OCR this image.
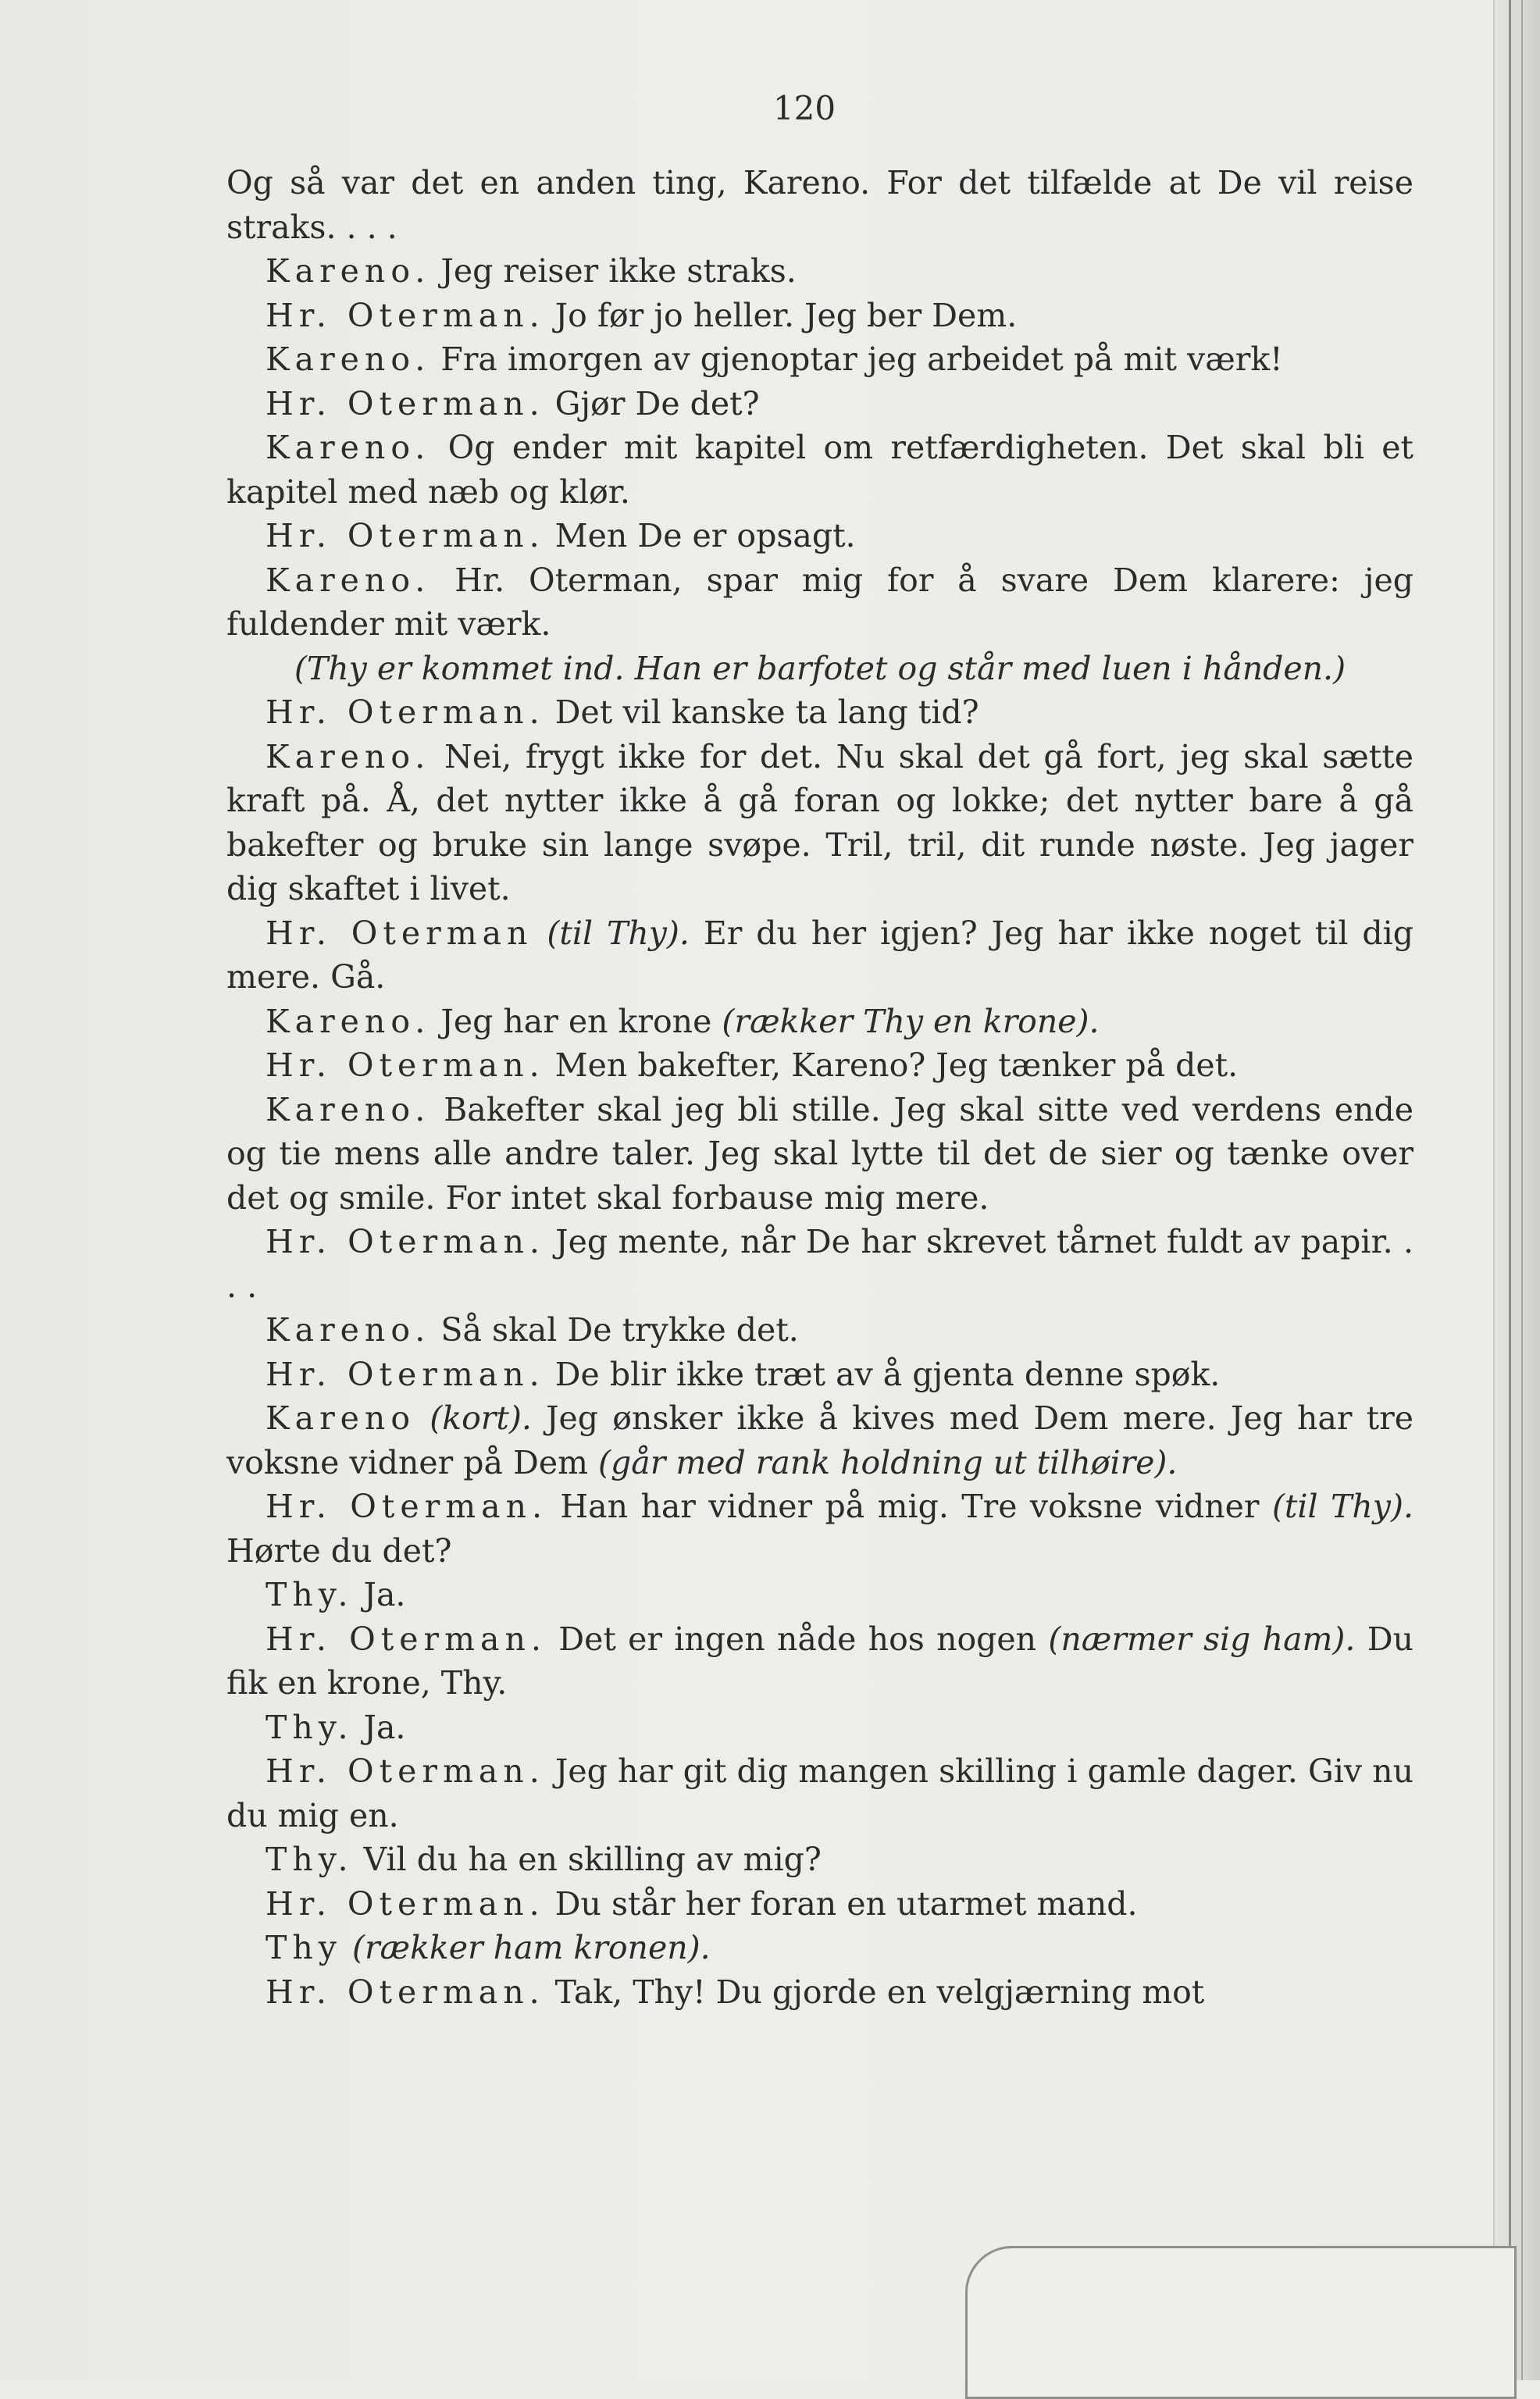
120

Og så var det en anden ting, Kareno. For det tilfælde at De vil reise straks. . . .

Kareno. Jeg reiser ikke straks.

Hr. Oterman. Jo før jo heller. Jeg ber Dem.

Kareno. Fra imorgen av gjenoptar jeg arbeidet på mit værk!

Hr. Oterman. Gjør De det?

Kareno. Og ender mit kapitel om retfærdigheten. Det skal bli et kapitel med næb og klør.

Hr. Oterman. Men De er opsagt.

Kareno. Hr. Oterman, spar mig for å svare Dem klarere: jeg fuldender mit værk.

(Thy er kommet ind. Han er barfotet og står med luen i hånden.)

Hr. Oterman. Det vil kanske ta lang tid?

Kareno. Nei, frygt ikke for det. Nu skal det gå fort, jeg skal sætte kraft på. Å, det nytter ikke å gå foran og lokke; det nytter bare å gå bakefter og bruke sin lange svøpe. Tril, tril, dit runde nøste. Jeg jager dig skaftet i livet.

Hr. Oterman (til Thy). Er du her igjen? Jeg har ikke noget til dig mere. Gå.

Kareno. Jeg har en krone (rækker Thy en krone).

Hr. Oterman. Men bakefter, Kareno? Jeg tænker på det.

Kareno. Bakefter skal jeg bli stille. Jeg skal sitte ved verdens ende og tie mens alle andre taler. Jeg skal lytte til det de sier og tænke over det og smile. For intet skal forbause mig mere.

Hr. Oterman. Jeg mente, når De har skrevet tårnet fuldt av papir. . . .

Kareno. Så skal De trykke det.

Hr. Oterman. De blir ikke træt av å gjenta denne spøk.

Kareno (kort). Jeg ønsker ikke å kives med Dem mere. Jeg har tre voksne vidner på Dem (går med rank holdning ut tilhøire).

Hr. Oterman. Han har vidner på mig. Tre voksne vidner (til Thy). Hørte du det?

Thy. Ja.

Hr. Oterman. Det er ingen nåde hos nogen (nærmer sig ham). Du fik en krone, Thy.

Thy. Ja.

Hr. Oterman. Jeg har git dig mangen skilling i gamle dager. Giv nu du mig en.

Thy. Vil du ha en skilling av mig?

Hr. Oterman. Du står her foran en utarmet mand.

Thy (rækker ham kronen).

Hr. Oterman. Tak, Thy! Du gjorde en velgjærning mot
